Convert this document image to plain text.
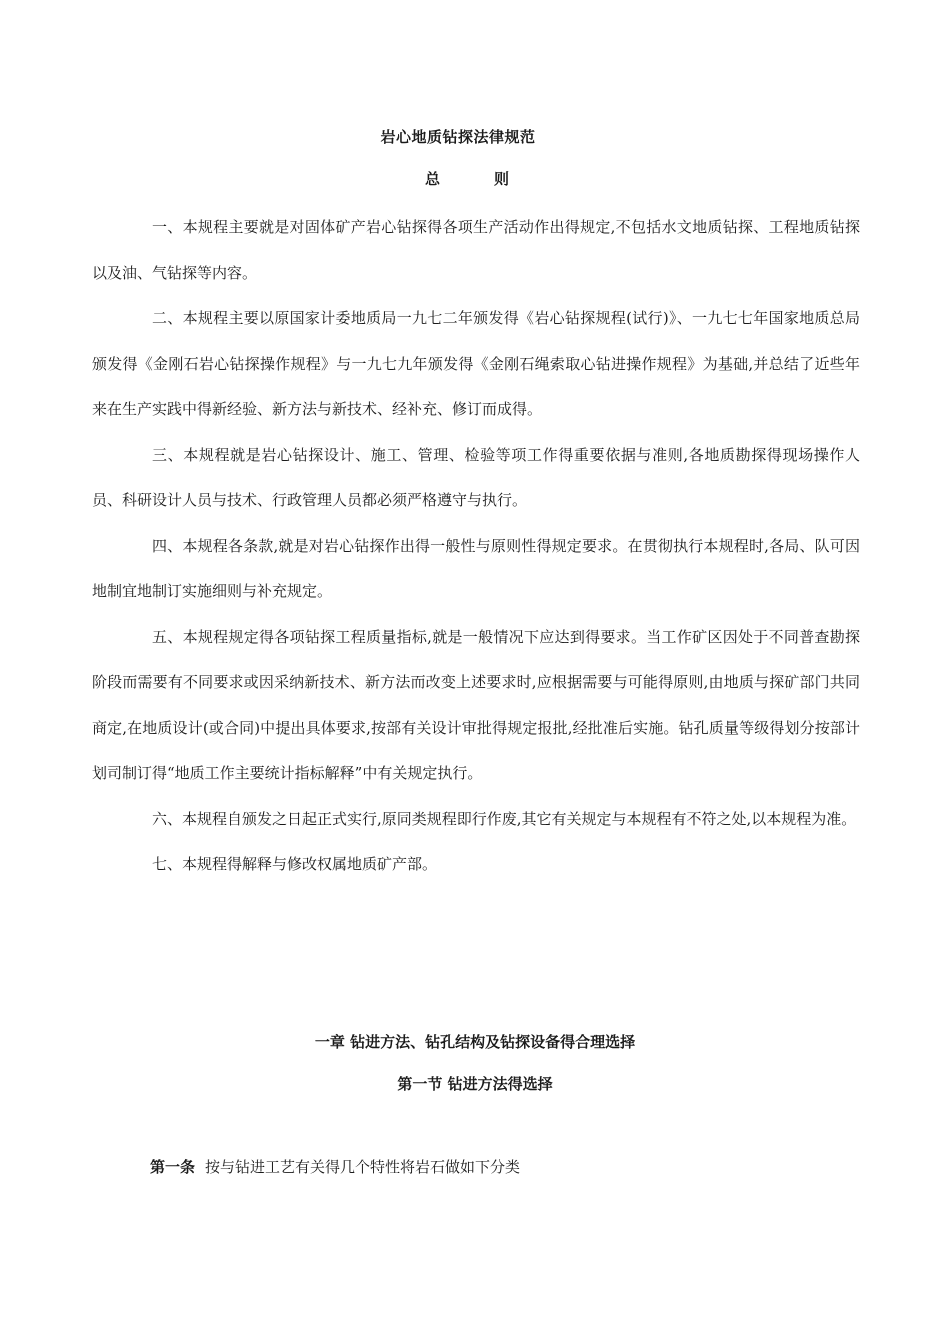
岩心地质钻探法律规范
总	则

一、本规程主要就是对固体矿产岩心钻探得各项生产活动作出得规定,不包括水文地质钻探、工程地质钻探以及油、气钻探等内容。

二、本规程主要以原国家计委地质局一九七二年颁发得《岩心钻探规程(试行)》、一九七七年国家地质总局颁发得《金刚石岩心钻探操作规程》与一九七九年颁发得《金刚石绳索取心钻进操作规程》为基础,并总结了近些年来在生产实践中得新经验、新方法与新技术、经补充、修订而成得。

三、本规程就是岩心钻探设计、施工、管理、检验等项工作得重要依据与准则,各地质勘探得现场操作人员、科研设计人员与技术、行政管理人员都必须严格遵守与执行。

四、本规程各条款,就是对岩心钻探作出得一般性与原则性得规定要求。在贯彻执行本规程时,各局、队可因地制宜地制订实施细则与补充规定。

五、本规程规定得各项钻探工程质量指标,就是一般情况下应达到得要求。当工作矿区因处于不同普查勘探阶段而需要有不同要求或因采纳新技术、新方法而改变上述要求时,应根据需要与可能得原则,由地质与探矿部门共同商定,在地质设计(或合同)中提出具体要求,按部有关设计审批得规定报批,经批准后实施。钻孔质量等级得划分按部计划司制订得“地质工作主要统计指标解释”中有关规定执行。

六、本规程自颁发之日起正式实行,原同类规程即行作废,其它有关规定与本规程有不符之处,以本规程为准。

七、本规程得解释与修改权属地质矿产部。

一章 钻进方法、钻孔结构及钻探设备得合理选择
第一节 钻进方法得选择
第一条 按与钻进工艺有关得几个特性将岩石做如下分类
